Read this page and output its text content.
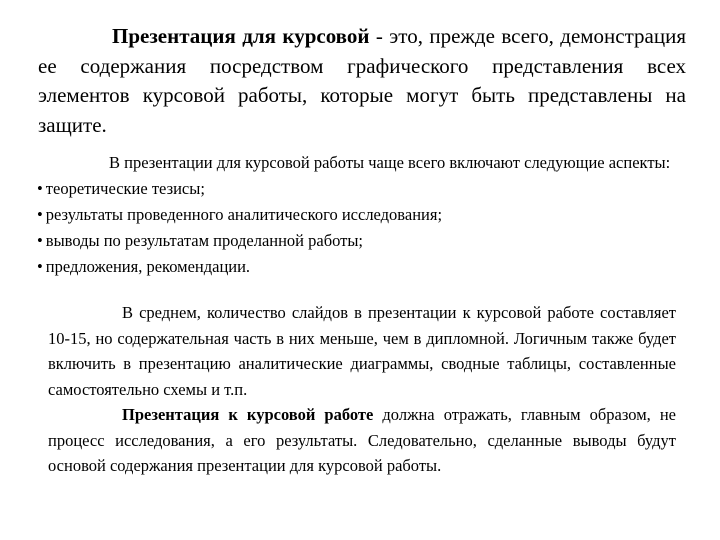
Презентация для курсовой - это, прежде всего, демонстрация ее содержания посредством графического представления всех элементов курсовой работы, которые могут быть представлены на защите.

В презентации для курсовой работы чаще всего включают следующие аспекты:

• теоретические тезисы;
• результаты проведенного аналитического исследования;
• выводы по результатам проделанной работы;
• предложения, рекомендации.

В среднем, количество слайдов в презентации к курсовой работе составляет 10-15, но содержательная часть в них меньше, чем в дипломной. Логичным также будет включить в презентацию аналитические диаграммы, сводные таблицы, составленные самостоятельно схемы и т.п.

Презентация к курсовой работе должна отражать, главным образом, не процесс исследования, а его результаты. Следовательно, сделанные выводы будут основой содержания презентации для курсовой работы.
